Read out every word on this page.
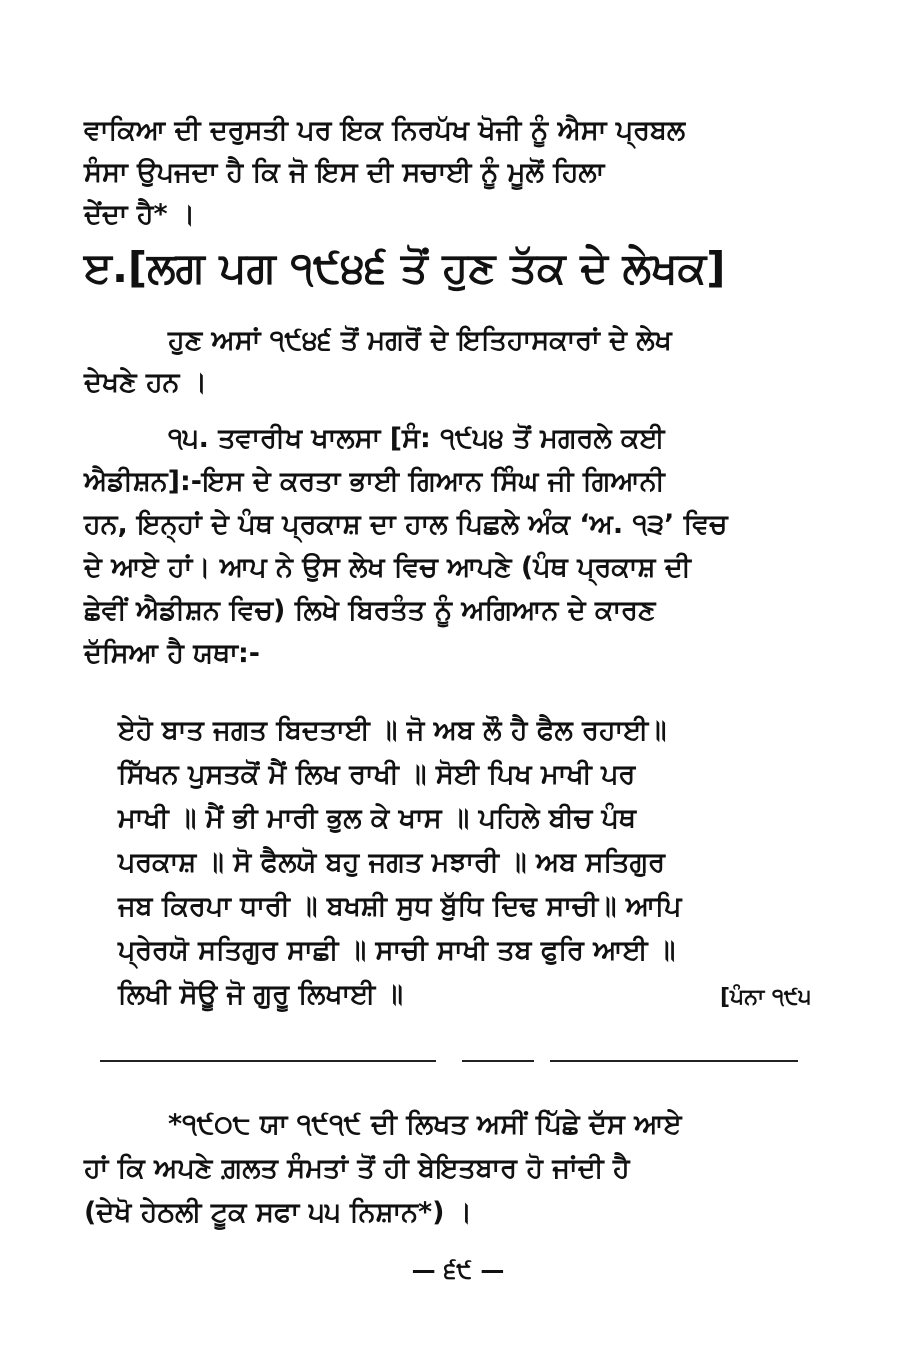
ਵਾਕਿਆ ਦੀ ਦਰੁਸਤੀ ਪਰ ਇਕ ਨਿਰਪੱਖ ਖੋਜੀ ਨੂੰ ਐਸਾ ਪ੍ਰਬਲ
ਸੰਸਾ ਉਪਜਦਾ ਹੈ ਕਿ ਜੋ ਇਸ ਦੀ ਸਚਾਈ ਨੂੰ ਮੂਲੋਂ ਹਿਲਾ
ਦੇਂਦਾ ਹੈ* ।
ੲ.[ਲਗ ਪਗ ੧੯੪੬ ਤੋਂ ਹੁਣ ਤੱਕ ਦੇ ਲੇਖਕ]
ਹੁਣ ਅਸਾਂ ੧੯੪੬ ਤੋਂ ਮਗਰੋਂ ਦੇ ਇਤਿਹਾਸਕਾਰਾਂ ਦੇ ਲੇਖ
ਦੇਖਣੇ ਹਨ ।
੧੫. ਤਵਾਰੀਖ ਖਾਲਸਾ [ਸੰ: ੧੯੫੪ ਤੋਂ ਮਗਰਲੇ ਕਈ
ਐਡੀਸ਼ਨ]:-ਇਸ ਦੇ ਕਰਤਾ ਭਾਈ ਗਿਆਨ ਸਿੰਘ ਜੀ ਗਿਆਨੀ
ਹਨ, ਇਨ੍ਹਾਂ ਦੇ ਪੰਥ ਪ੍ਰਕਾਸ਼ ਦਾ ਹਾਲ ਪਿਛਲੇ ਅੰਕ ‘ਅ. ੧੩’ ਵਿਚ
ਦੇ ਆਏ ਹਾਂ। ਆਪ ਨੇ ਉਸ ਲੇਖ ਵਿਚ ਆਪਣੇ (ਪੰਥ ਪ੍ਰਕਾਸ਼ ਦੀ
ਛੇਵੀਂ ਐਡੀਸ਼ਨ ਵਿਚ) ਲਿਖੇ ਬਿਰਤੰਤ ਨੂੰ ਅਗਿਆਨ ਦੇ ਕਾਰਣ
ਦੱਸਿਆ ਹੈ ਯਥਾ:-
ਏਹੋ ਬਾਤ ਜਗਤ ਬਿਦਤਾਈ ॥ ਜੋ ਅਬ ਲੌ ਹੈ ਫੈਲ ਰਹਾਈ॥
ਸਿੱਖਨ ਪੁਸਤਕੋਂ ਮੈਂ ਲਿਖ ਰਾਖੀ ॥ ਸੋਈ ਪਿਖ ਮਾਖੀ ਪਰ
ਮਾਖੀ ॥ ਮੈਂ ਭੀ ਮਾਰੀ ਭੁਲ ਕੇ ਖਾਸ ॥ ਪਹਿਲੇ ਬੀਚ ਪੰਥ
ਪਰਕਾਸ਼ ॥ ਸੋ ਫੈਲਯੋ ਬਹੁ ਜਗਤ ਮਝਾਰੀ ॥ ਅਬ ਸਤਿਗੁਰ
ਜਬ ਕਿਰਪਾ ਧਾਰੀ ॥ ਬਖਸ਼ੀ ਸੁਧ ਬੁੱਧਿ ਦਿਢ ਸਾਚੀ॥ ਆਪਿ
ਪ੍ਰੇਰਯੋ ਸਤਿਗੁਰ ਸਾਛੀ ॥ ਸਾਚੀ ਸਾਖੀ ਤਬ ਫੁਰਿ ਆਈ ॥
ਲਿਖੀ ਸੋਊ ਜੋ ਗੁਰੂ ਲਿਖਾਈ ॥	[ਪੰਨਾ ੧੯੫
*੧੯੦੮ ਯਾ ੧੯੧੯ ਦੀ ਲਿਖਤ ਅਸੀਂ ਪਿੱਛੇ ਦੱਸ ਆਏ
ਹਾਂ ਕਿ ਅਪਣੇ ਗ਼ਲਤ ਸੰਮਤਾਂ ਤੋਂ ਹੀ ਬੇਇਤਬਾਰ ਹੋ ਜਾਂਦੀ ਹੈ
(ਦੇਖੋ ਹੇਠਲੀ ਟੂਕ ਸਫਾ ੫੫ ਨਿਸ਼ਾਨ*) ।
— ੬੯ —
